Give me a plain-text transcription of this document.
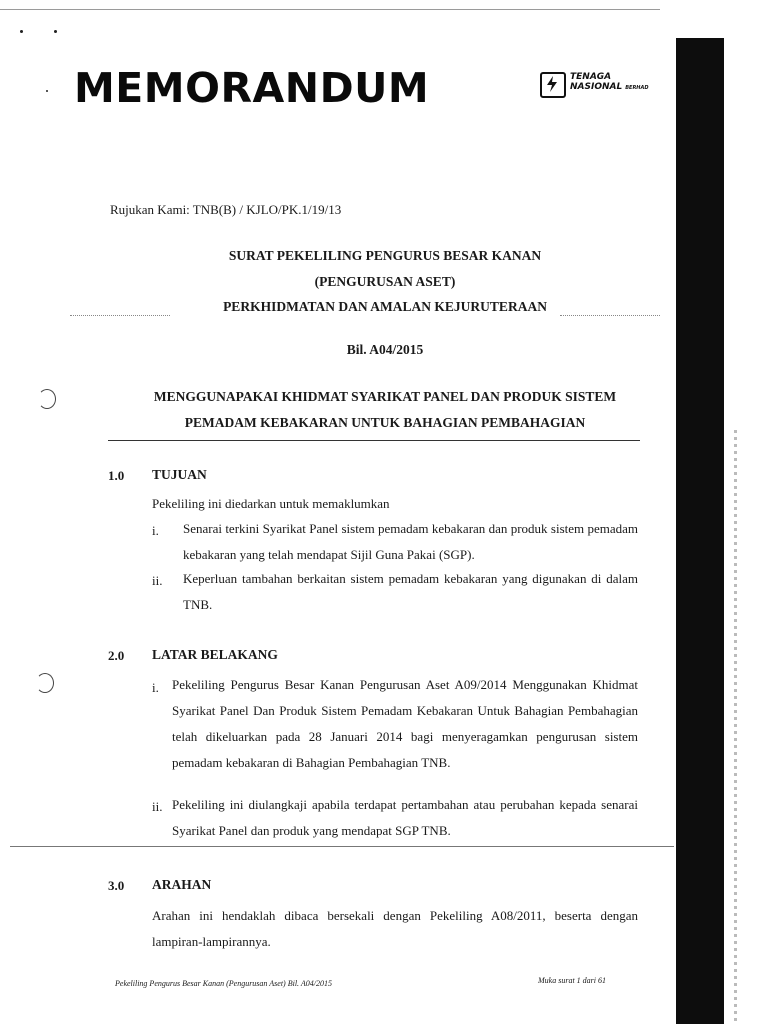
MEMORANDUM	TENAGA
NASIONAL BERHAD
Rujukan Kami: TNB(B) / KJLO/PK.1/19/13

SURAT PEKELILING PENGURUS BESAR KANAN

(PENGURUSAN ASET)

PERKHIDMATAN DAN AMALAN KEJURUTERAAN

Bil. A04/2015

MENGGUNAPAKAI KHIDMAT SYARIKAT PANEL DAN PRODUK SISTEM

PEMADAM KEBAKARAN UNTUK BAHAGIAN PEMBAHAGIAN

1.0 TUJUAN

Pekeliling ini diedarkan untuk memaklumkan

i. Senarai terkini Syarikat Panel sistem pemadam kebakaran dan produk sistem pemadam kebakaran yang telah mendapat Sijil Guna Pakai (SGP).

ii. Keperluan tambahan berkaitan sistem pemadam kebakaran yang digunakan di dalam TNB.

2.0 LATAR BELAKANG
i. Pekeliling Pengurus Besar Kanan Pengurusan Aset A09/2014 Menggunakan Khidmat Syarikat Panel Dan Produk Sistem Pemadam Kebakaran Untuk Bahagian Pembahagian telah dikeluarkan pada 28 Januari 2014 bagi menyeragamkan pengurusan sistem pemadam kebakaran di Bahagian Pembahagian TNB.

ii. Pekeliling ini diulangkaji apabila terdapat pertambahan atau perubahan kepada senarai Syarikat Panel dan produk yang mendapat SGP TNB.

3.0 ARAHAN

Arahan ini hendaklah dibaca bersekali dengan Pekeliling A08/2011, beserta dengan lampiran-lampirannya.

Pekeliling Pengurus Besar Kanan (Pengurusan Aset) Bil. A04/2015	Muka surat 1 dari 61
